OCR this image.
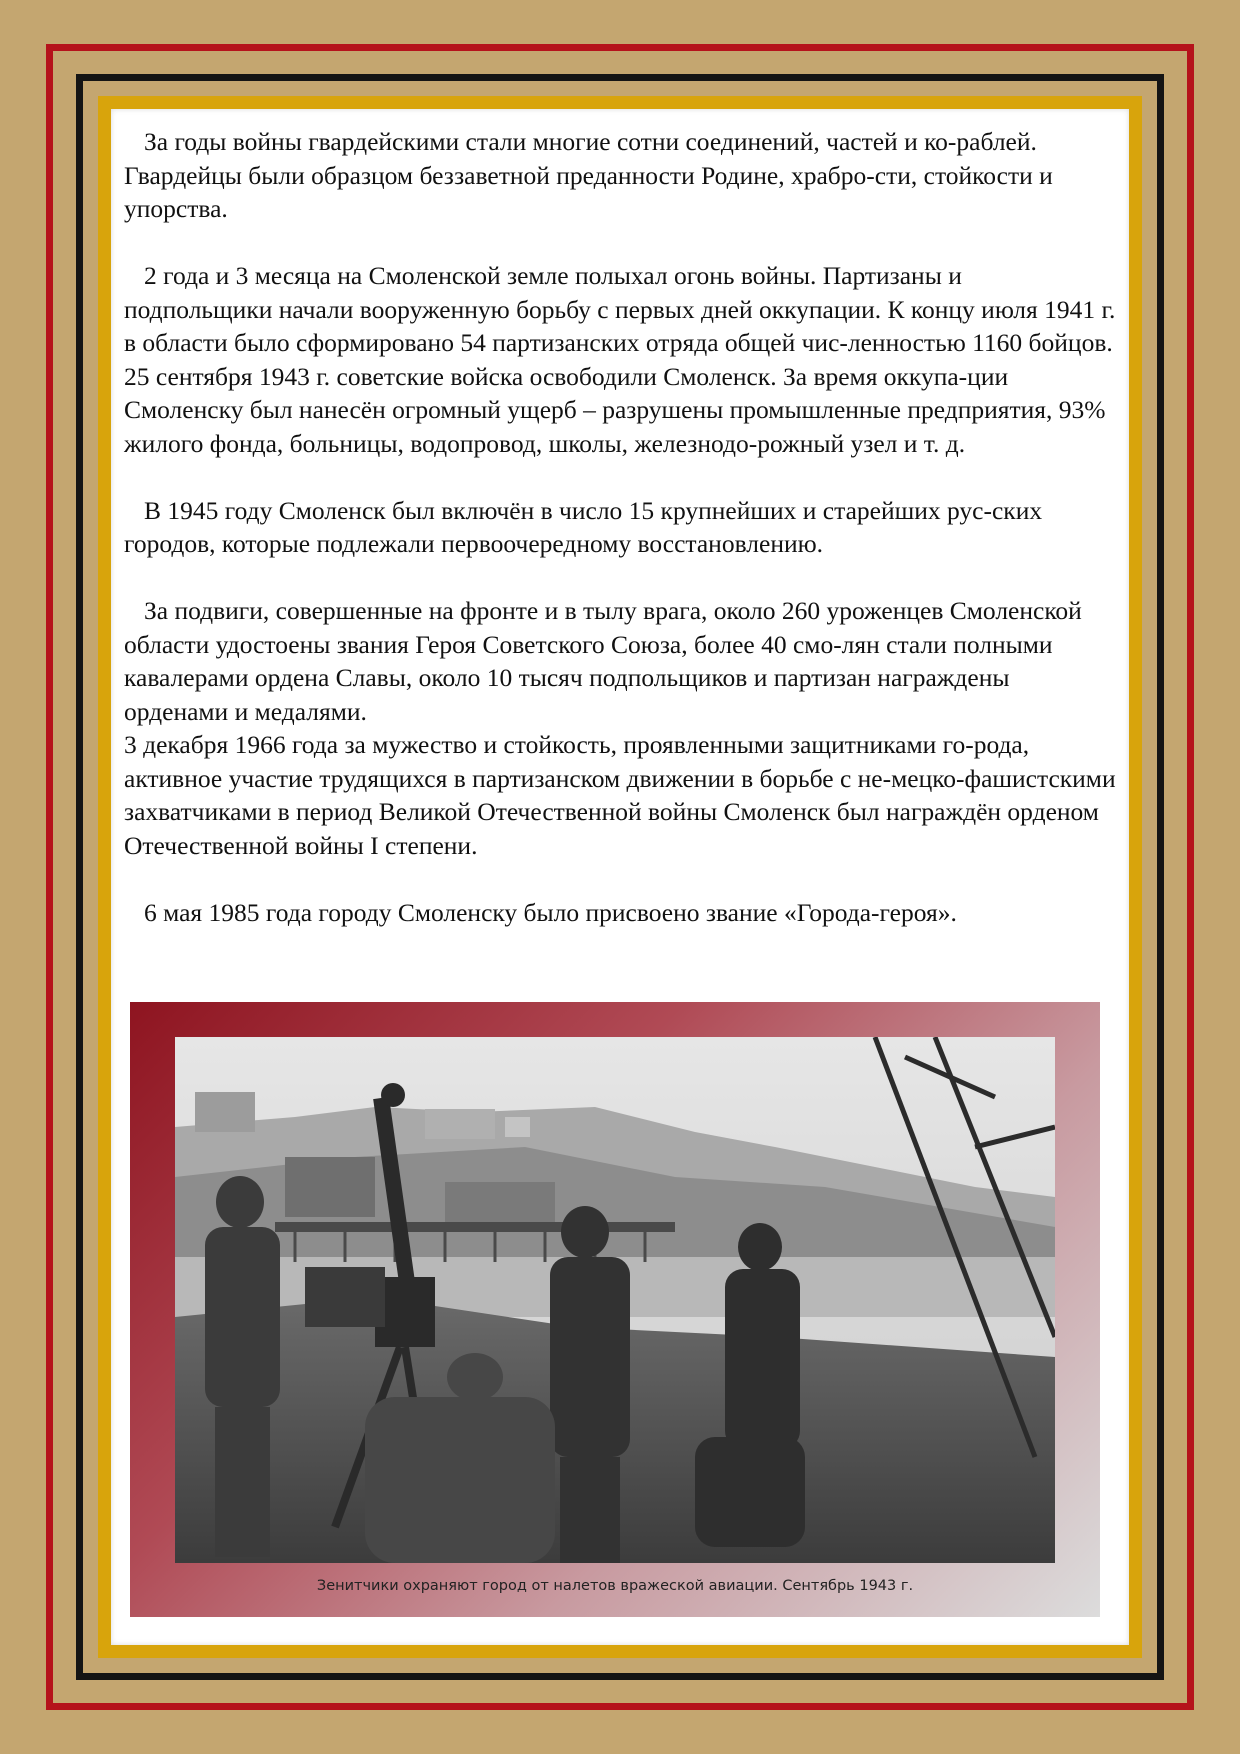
За годы войны гвардейскими стали многие сотни соединений, частей и ко-раблей. Гвардейцы были образцом беззаветной преданности Родине, храбро-сти, стойкости и упорства.

2 года и 3 месяца на Смоленской земле полыхал огонь войны. Партизаны и подпольщики начали вооруженную борьбу с первых дней оккупации. К концу июля 1941 г. в области было сформировано 54 партизанских отряда общей чис-ленностью 1160 бойцов.

25 сентября 1943 г. советские войска освободили Смоленск. За время оккупа-ции Смоленску был нанесён огромный ущерб – разрушены промышленные предприятия, 93% жилого фонда, больницы, водопровод, школы, железнодо-рожный узел и т. д.

В 1945 году Смоленск был включён в число 15 крупнейших и старейших рус-ских городов, которые подлежали первоочередному восстановлению.

За подвиги, совершенные на фронте и в тылу врага, около 260 уроженцев Смоленской области удостоены звания Героя Советского Союза, более 40 смо-лян стали полными кавалерами ордена Славы, около 10 тысяч подпольщиков и партизан награждены орденами и медалями.

3 декабря 1966 года за мужество и стойкость, проявленными защитниками го-рода, активное участие трудящихся в партизанском движении в борьбе с не-мецко-фашистскими захватчиками в период Великой Отечественной войны Смоленск был награждён орденом Отечественной войны I степени.

6 мая 1985 года городу Смоленску было присвоено звание «Города-героя».

Зенитчики охраняют город от налетов вражеской авиации. Сентябрь 1943 г.
